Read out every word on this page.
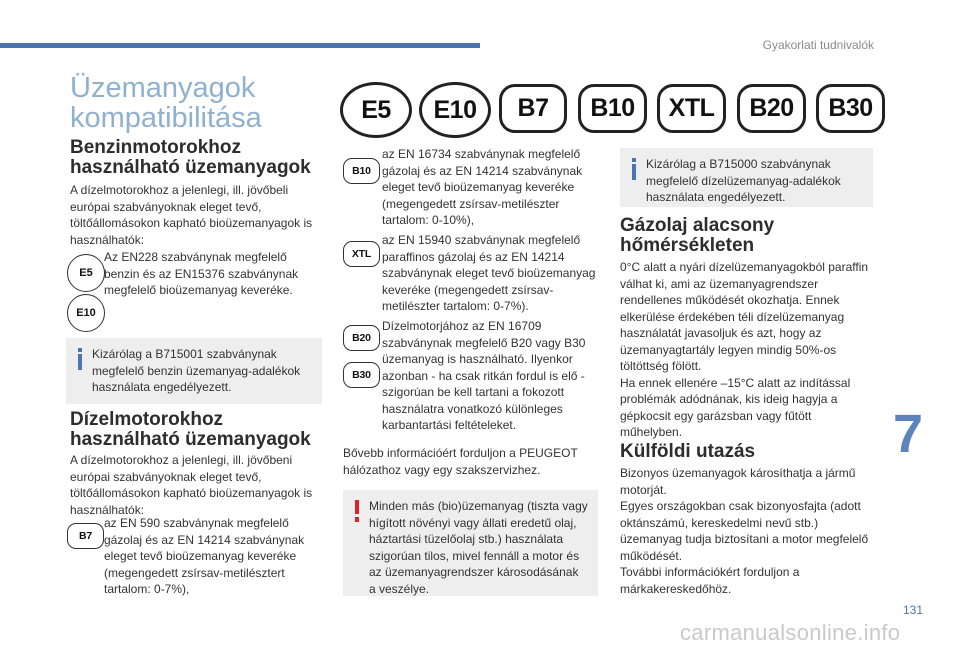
Gyakorlati tudnivalók
Üzemanyagok
kompatibilitása	E5	E10	B7	B10	XTL	B20	B30
Benzinmotorokhoz
használható üzemanyagok
A dízelmotorokhoz a jelenlegi, ill. jövőbeli európai szabványoknak eleget tevő, töltőállomásokon kapható bioüzemanyagok is használhatók:
E5
E10
Az EN228 szabványnak megfelelő benzin és az EN15376 szabványnak megfelelő bioüzemanyag keveréke.
Kizárólag a B715001 szabványnak megfelelő benzin üzemanyag-adalékok használata engedélyezett.
Dízelmotorokhoz
használható üzemanyagok
A dízelmotorokhoz a jelenlegi, ill. jövőbeni európai szabványoknak eleget tevő, töltőállomásokon kapható bioüzemanyagok is használhatók:
B7
az EN 590 szabványnak megfelelő gázolaj és az EN 14214 szabványnak eleget tevő bioüzemanyag keveréke (megengedett zsírsav-metilésztert tartalom: 0-7%),
B10
az EN 16734 szabványnak megfelelő gázolaj és az EN 14214 szabványnak eleget tevő bioüzemanyag keveréke (megengedett zsírsav-metilészter tartalom: 0-10%),
XTL
az EN 15940 szabványnak megfelelő paraffinos gázolaj és az EN 14214 szabványnak eleget tevő bioüzemanyag keveréke (megengedett zsírsav-metilészter tartalom: 0-7%).
B20
B30
Dízelmotorjához az EN 16709 szabványnak megfelelő B20 vagy B30 üzemanyag is használható. Ilyenkor azonban - ha csak ritkán fordul is elő - szigorúan be kell tartani a fokozott használatra vonatkozó különleges karbantartási feltételeket.
Bővebb információért forduljon a PEUGEOT hálózathoz vagy egy szakszervizhez.
Minden más (bio)üzemanyag (tiszta vagy hígított növényi vagy állati eredetű olaj, háztartási tüzelőolaj stb.) használata szigorúan tilos, mivel fennáll a motor és az üzemanyagrendszer károsodásának a veszélye.
Kizárólag a B715000 szabványnak megfelelő dízelüzemanyag-adalékok használata engedélyezett.
Gázolaj alacsony
hőmérsékleten
0°C alatt a nyári dízelüzemanyagokból paraffin válhat ki, ami az üzemanyagrendszer rendellenes működését okozhatja. Ennek elkerülése érdekében téli dízelüzemanyag használatát javasoljuk és azt, hogy az üzemanyagtartály legyen mindig 50%-os töltöttség fölött.
Ha ennek ellenére –15°C alatt az indítással problémák adódnának, kis ideig hagyja a gépkocsit egy garázsban vagy fűtött műhelyben.
Külföldi utazás
Bizonyos üzemanyagok károsíthatja a jármű motorját.
Egyes országokban csak bizonyosfajta (adott oktánszámú, kereskedelmi nevű stb.) üzemanyag tudja biztosítani a motor megfelelő működését.
További információkért forduljon a márkakereskedőhöz.
7
131
carmanualsonline.info
